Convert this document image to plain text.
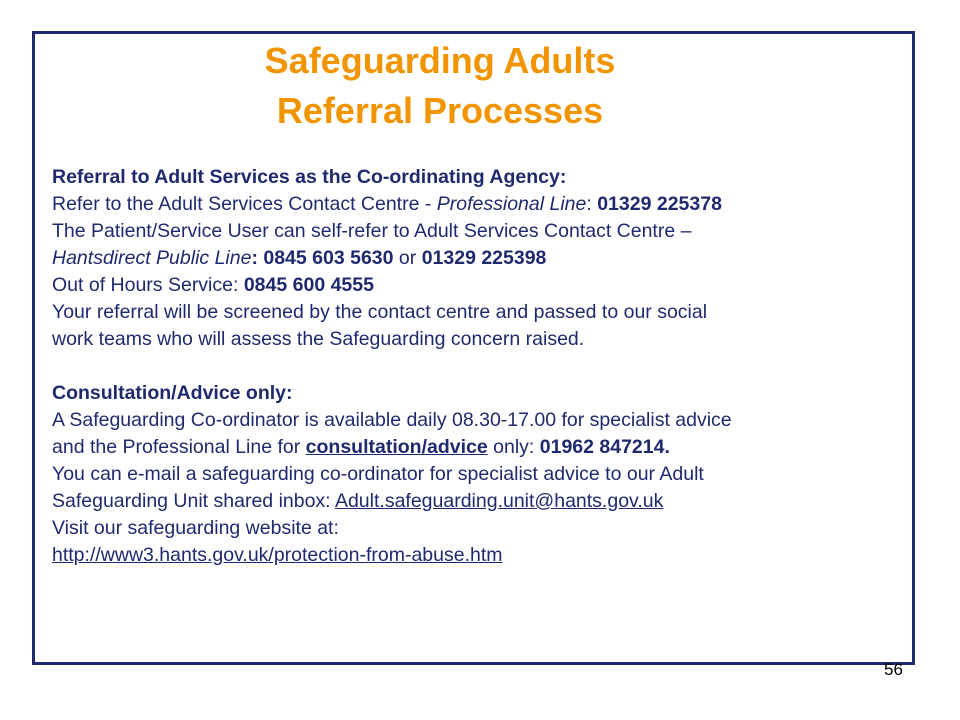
Safeguarding Adults
Referral Processes
Referral to Adult Services as the Co-ordinating Agency:
Refer to the Adult Services Contact Centre - Professional Line: 01329 225378
The Patient/Service User can self-refer to Adult Services Contact Centre –
Hantsdirect Public Line: 0845 603 5630 or 01329 225398
Out of Hours Service: 0845 600 4555
Your referral will be screened by the contact centre and passed to our social
work teams who will assess the Safeguarding concern raised.
Consultation/Advice only:
A Safeguarding Co-ordinator is available daily 08.30-17.00 for specialist advice
and the Professional Line for consultation/advice only: 01962 847214.
You can e-mail a safeguarding co-ordinator for specialist advice to our Adult
Safeguarding Unit shared inbox: Adult.safeguarding.unit@hants.gov.uk
Visit our safeguarding website at:
http://www3.hants.gov.uk/protection-from-abuse.htm
56
